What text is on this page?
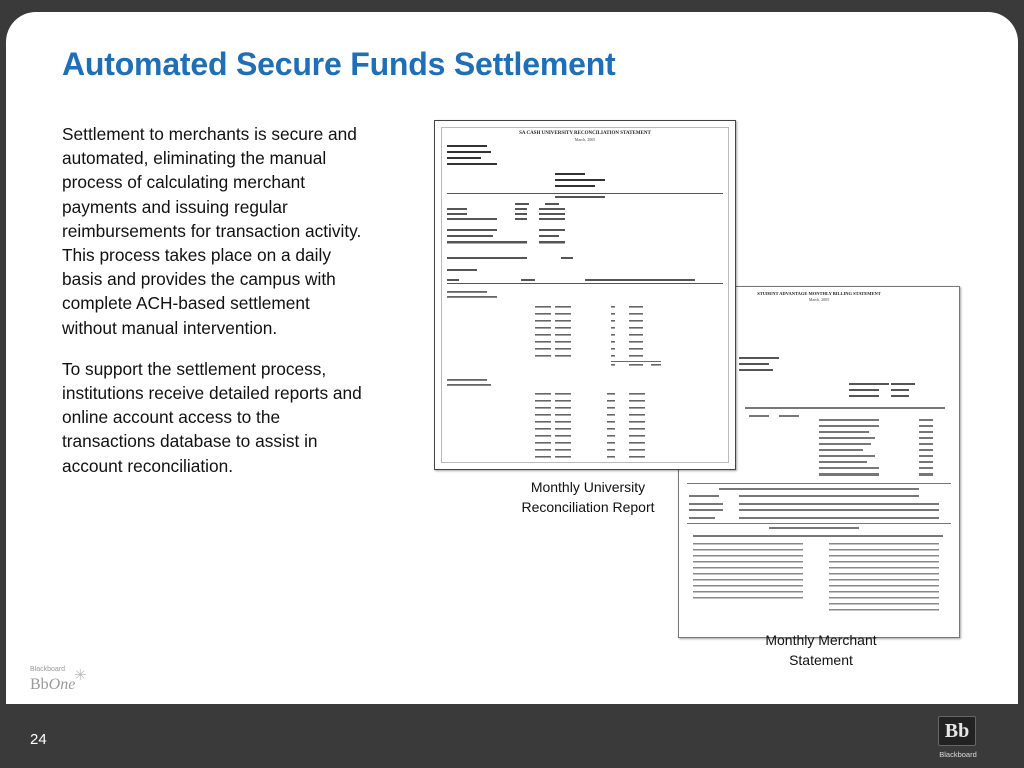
Automated Secure Funds Settlement

Settlement to merchants is secure and automated, eliminating the manual process of calculating merchant payments and issuing regular reimbursements for transaction activity. This process takes place on a daily basis and provides the campus with complete ACH-based settlement without manual intervention.

To support the settlement process, institutions receive detailed reports and online account access to the transactions database to assist in account reconciliation.

STUDENT ADVANTAGE MONTHLY BILLING STATEMENT
March, 2005
SA CASH UNIVERSITY RECONCILIATION STATEMENT
March, 2005
Monthly University Reconciliation Report
Monthly Merchant Statement
Blackboard
BbOne
✳
24	Bb
Blackboard
